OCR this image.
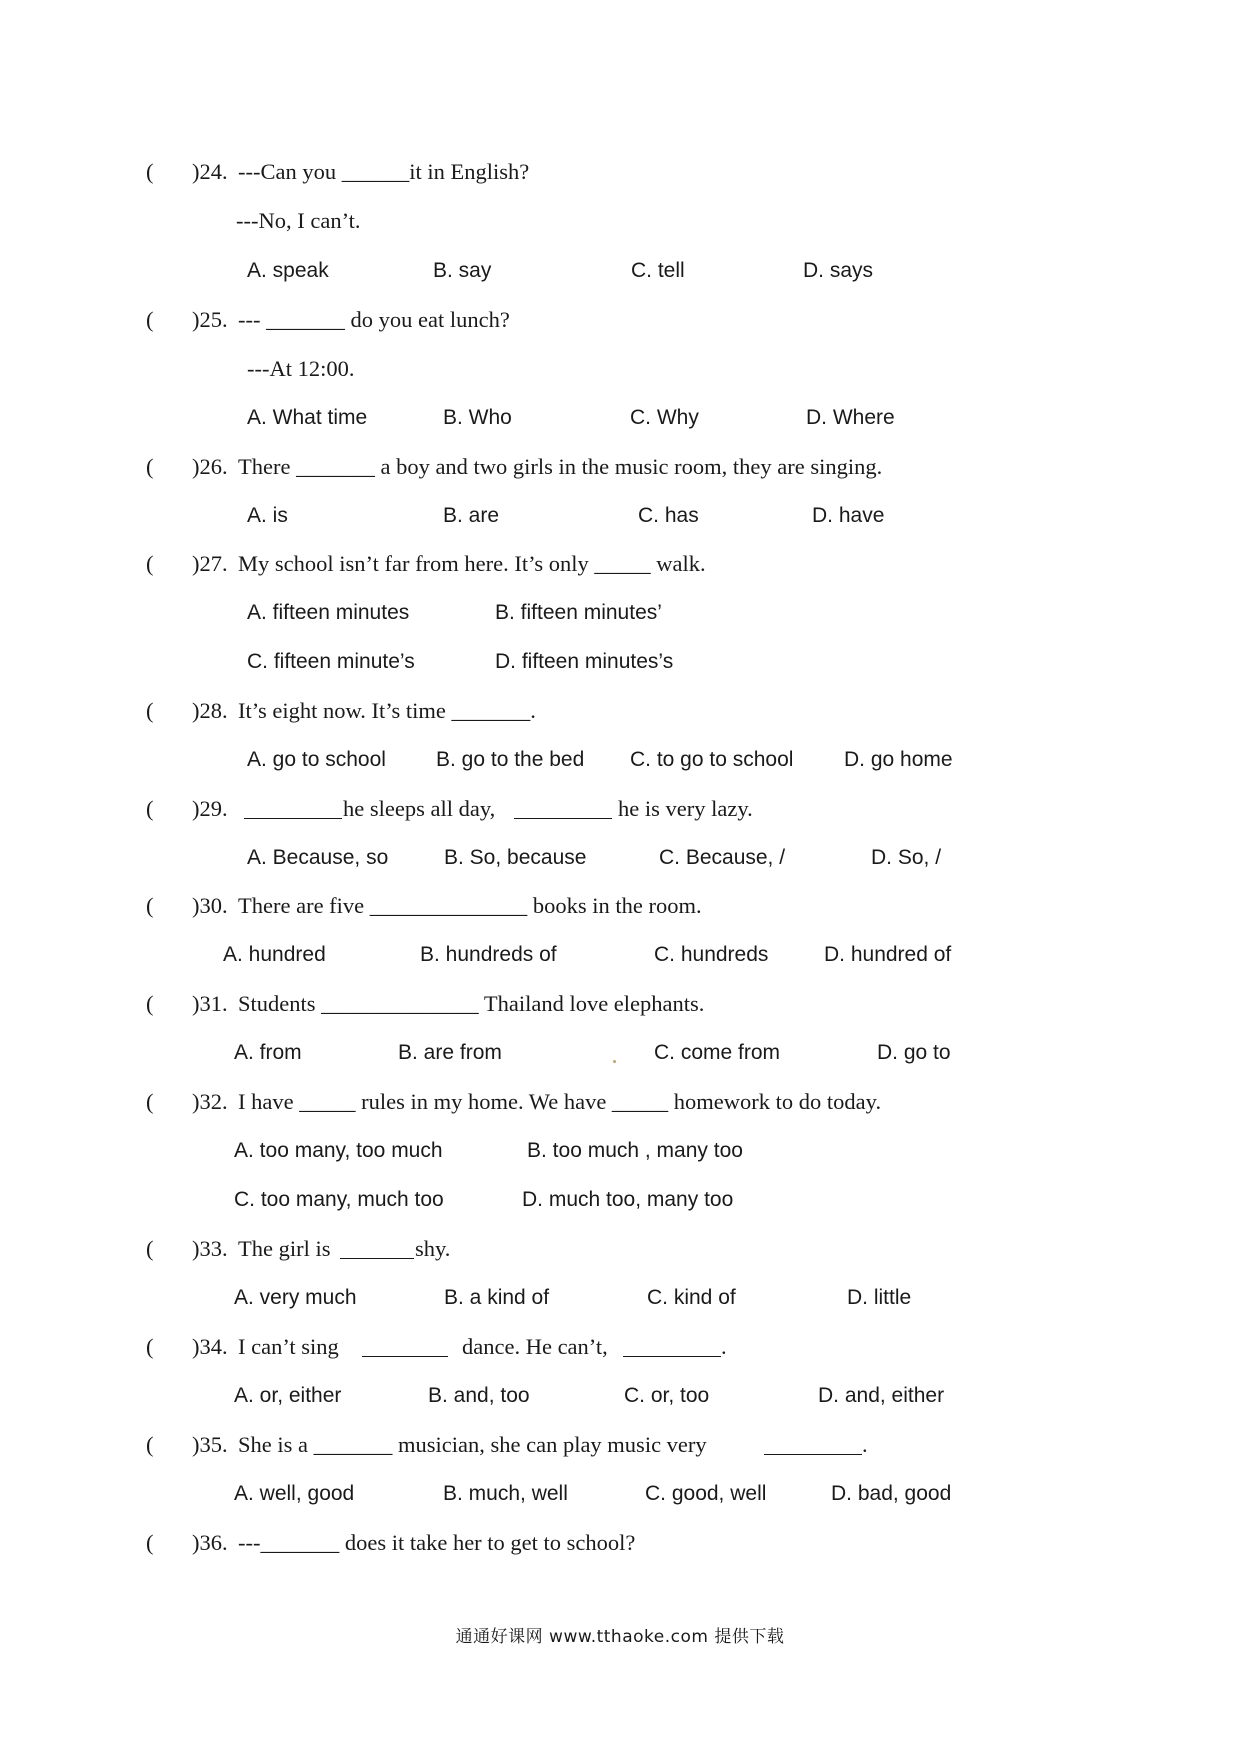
( )24. ---Can you ______it in English?
---No, I can’t.
A. speak	B. say	C. tell	D. says
( )25. --- _______ do you eat lunch?
---At 12:00.
A. What time	B. Who	C. Why	D. Where
( )26. There _______ a boy and two girls in the music room, they are singing.
A. is	B. are	C. has	D. have
( )27. My school isn’t far from here. It’s only _____ walk.
A. fifteen minutes	B. fifteen minutes’
C. fifteen minute’s	D. fifteen minutes’s
( )28. It’s eight now. It’s time _______.
A. go to school B. go to the bed C. to go to school D. go home
( )29.	he sleeps all day,	he is very lazy.
A. Because, so	B. So, because	C. Because, /	D. So, /
( )30. There are five ______________ books in the room.
A. hundred	B. hundreds of	C. hundreds	D. hundred of
( )31. Students ______________ Thailand love elephants.
A. from	B. are from	C. come from	D. go to
( )32. I have _____ rules in my home. We have _____ homework to do today.
A. too many, too much	B. too much , many too
C. too many, much too	D. much too, many too
( )33. The girl is	shy.
A. very much	B. a kind of	C. kind of	D. little
( )34. I can’t sing	dance. He can’t,	.
A. or, either	B. and, too	C. or, too	D. and, either
( )35. She is a _______ musician, she can play music very	.
A. well, good	B. much, well	C. good, well	D. bad, good
( )36. ---_______ does it take her to get to school?
通通好课网 www.tthaoke.com 提供下载
